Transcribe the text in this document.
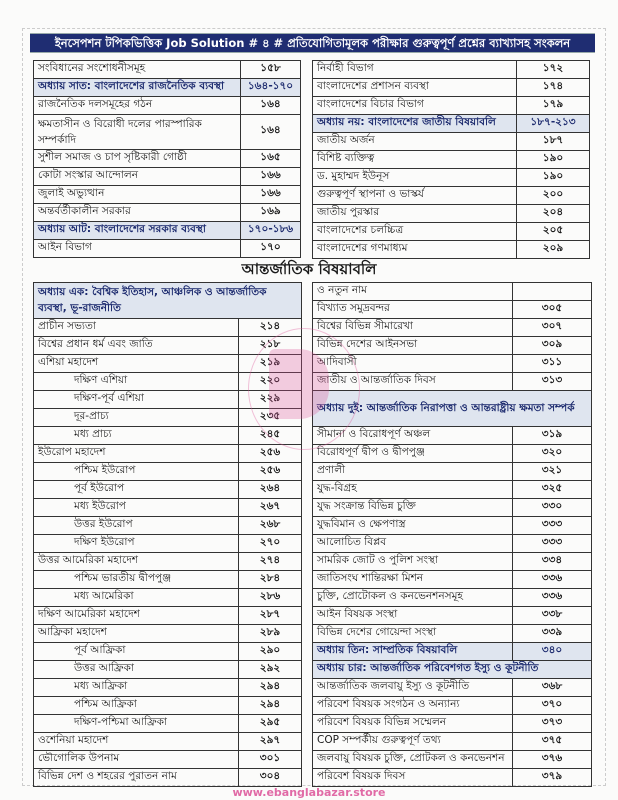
ইনসেপশন টপিকভিত্তিক Job Solution # ৪ # প্রতিযোগিতামূলক পরীক্ষার গুরুত্বপূর্ণ প্রশ্নের ব্যাখ্যাসহ সংকলন
সংবিধানের সংশোধনীসমূহ	১৫৮
অধ্যায় সাত: বাংলাদেশের রাজনৈতিক ব্যবস্থা	১৬৪-১৭০
রাজনৈতিক দলসমূহের গঠন	১৬৪
ক্ষমতাসীন ও বিরোধী দলের পারস্পারিক সম্পর্কাদি	১৬৪
সুশীল সমাজ ও চাপ সৃষ্টিকারী গোষ্ঠী	১৬৫
কোটা সংস্কার আন্দোলন	১৬৬
জুলাই অভ্যুত্থান	১৬৬
অন্তর্বর্তীকালীন সরকার	১৬৯
অধ্যায় আট: বাংলাদেশের সরকার ব্যবস্থা	১৭০-১৮৬
আইন বিভাগ	১৭০
নির্বাহী বিভাগ	১৭২
বাংলাদেশের প্রশাসন ব্যবস্থা	১৭৪
বাংলাদেশের বিচার বিভাগ	১৭৯
অধ্যায় নয়: বাংলাদেশের জাতীয় বিষয়াবলি	১৮৭-২১৩
জাতীয় অর্জন	১৮৭
বিশিষ্ট ব্যক্তিত্ব	১৯০
ড. মুহাম্মদ ইউনূস	১৯০
গুরুত্বপূর্ণ স্থাপনা ও ভাস্কর্য	২০০
জাতীয় পুরস্কার	২০৪
বাংলাদেশের চলচ্চিত্র	২০৫
বাংলাদেশের গণমাধ্যম	২০৯
আন্তর্জাতিক বিষয়াবলি
অধ্যায় এক: বৈশ্বিক ইতিহাস, আঞ্চলিক ও আন্তর্জাতিক ব্যবস্থা, ভূ-রাজনীতি	
প্রাচীন সভ্যতা	২১৪
বিশ্বের প্রধান ধর্ম এবং জাতি	২১৮
এশিয়া মহাদেশ	২১৯
দক্ষিণ এশিয়া	২২০
দক্ষিণ-পূর্ব এশিয়া	২২৯
দূর-প্রাচ্য	২৩৫
মধ্য প্রাচ্য	২৪৫
ইউরোপ মহাদেশ	২৫৬
পশ্চিম ইউরোপ	২৫৬
পূর্ব ইউরোপ	২৬৪
মধ্য ইউরোপ	২৬৭
উত্তর ইউরোপ	২৬৮
দক্ষিণ ইউরোপ	২৭০
উত্তর আমেরিকা মহাদেশ	২৭৪
পশ্চিম ভারতীয় দ্বীপপুঞ্জ	২৮৪
মধ্য আমেরিকা	২৮৬
দক্ষিণ আমেরিকা মহাদেশ	২৮৭
আফ্রিকা মহাদেশ	২৮৯
পূর্ব আফ্রিকা	২৯০
উত্তর আফ্রিকা	২৯২
মধ্য আফ্রিকা	২৯৪
পশ্চিম আফ্রিকা	২৯৪
দক্ষিণ-পশ্চিমা আফ্রিকা	২৯৫
ওশেনিয়া মহাদেশ	২৯৭
ভৌগোলিক উপনাম	৩০১
বিভিন্ন দেশ ও শহরের পুরাতন নাম	৩০৪
ও নতুন নাম	
বিখ্যাত সমুদ্রবন্দর	৩০৫
বিশ্বের বিভিন্ন সীমারেখা	৩০৭
বিভিন্ন দেশের আইনসভা	৩০৯
আদিবাসী	৩১১
জাতীয় ও আন্তর্জাতিক দিবস	৩১৩
অধ্যায় দুই: আন্তর্জাতিক নিরাপত্তা ও আন্তরাষ্ট্রীয় ক্ষমতা সম্পর্ক	
সীমানা ও বিরোধপূর্ণ অঞ্চল	৩১৯
বিরোধপূর্ণ দ্বীপ ও দ্বীপপুঞ্জ	৩২০
প্রণালী	৩২১
যুদ্ধ-বিগ্রহ	৩২৫
যুদ্ধ সংক্রান্ত বিভিন্ন চুক্তি	৩৩০
যুদ্ধবিমান ও ক্ষেপণাস্ত্র	৩৩৩
আলোচিত বিপ্লব	৩৩৩
সামরিক জোট ও পুলিশ সংস্থা	৩৩৪
জাতিসংঘ শান্তিরক্ষা মিশন	৩৩৬
চুক্তি, প্রোটোকল ও কনভেনশনসমূহ	৩৩৬
আইন বিষয়ক সংস্থা	৩৩৮
বিভিন্ন দেশের গোয়েন্দা সংস্থা	৩৩৯
অধ্যায় তিন: সাম্প্রতিক বিষয়াবলি	৩৪০
অধ্যায় চার: আন্তর্জাতিক পরিবেশগত ইস্যু ও কূটনীতি	
আন্তর্জাতিক জলবায়ু ইস্যু ও কূটনীতি	৩৬৮
পরিবেশ বিষয়ক সংগঠন ও অন্যান্য	৩৭০
পরিবেশ বিষয়ক বিভিন্ন সম্মেলন	৩৭৩
COP সম্পর্কীয় গুরুত্বপূর্ণ তথ্য	৩৭৫
জলবায়ু বিষয়ক চুক্তি, প্রোটকল ও কনভেনশন	৩৭৬
পরিবেশ বিষয়ক দিবস	৩৭৯
www.ebanglabazar.store
